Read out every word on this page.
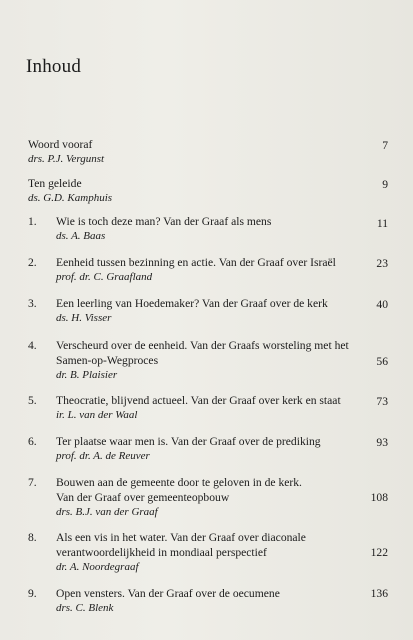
Inhoud
Woord vooraf
drs. P.J. Vergunst
7
Ten geleide
ds. G.D. Kamphuis
9
1. Wie is toch deze man? Van der Graaf als mens
ds. A. Baas
11
2. Eenheid tussen bezinning en actie. Van der Graaf over Israël
prof. dr. C. Graafland
23
3. Een leerling van Hoedemaker? Van der Graaf over de kerk
ds. H. Visser
40
4. Verscheurd over de eenheid. Van der Graafs worsteling met het
Samen-op-Wegproces
dr. B. Plaisier
56
5. Theocratie, blijvend actueel. Van der Graaf over kerk en staat
ir. L. van der Waal
73
6. Ter plaatse waar men is. Van der Graaf over de prediking
prof. dr. A. de Reuver
93
7. Bouwen aan de gemeente door te geloven in de kerk.
Van der Graaf over gemeenteopbouw
drs. B.J. van der Graaf
108
8. Als een vis in het water. Van der Graaf over diaconale
verantwoordelijkheid in mondiaal perspectief
dr. A. Noordegraaf
122
9. Open vensters. Van der Graaf over de oecumene
drs. C. Blenk
136
